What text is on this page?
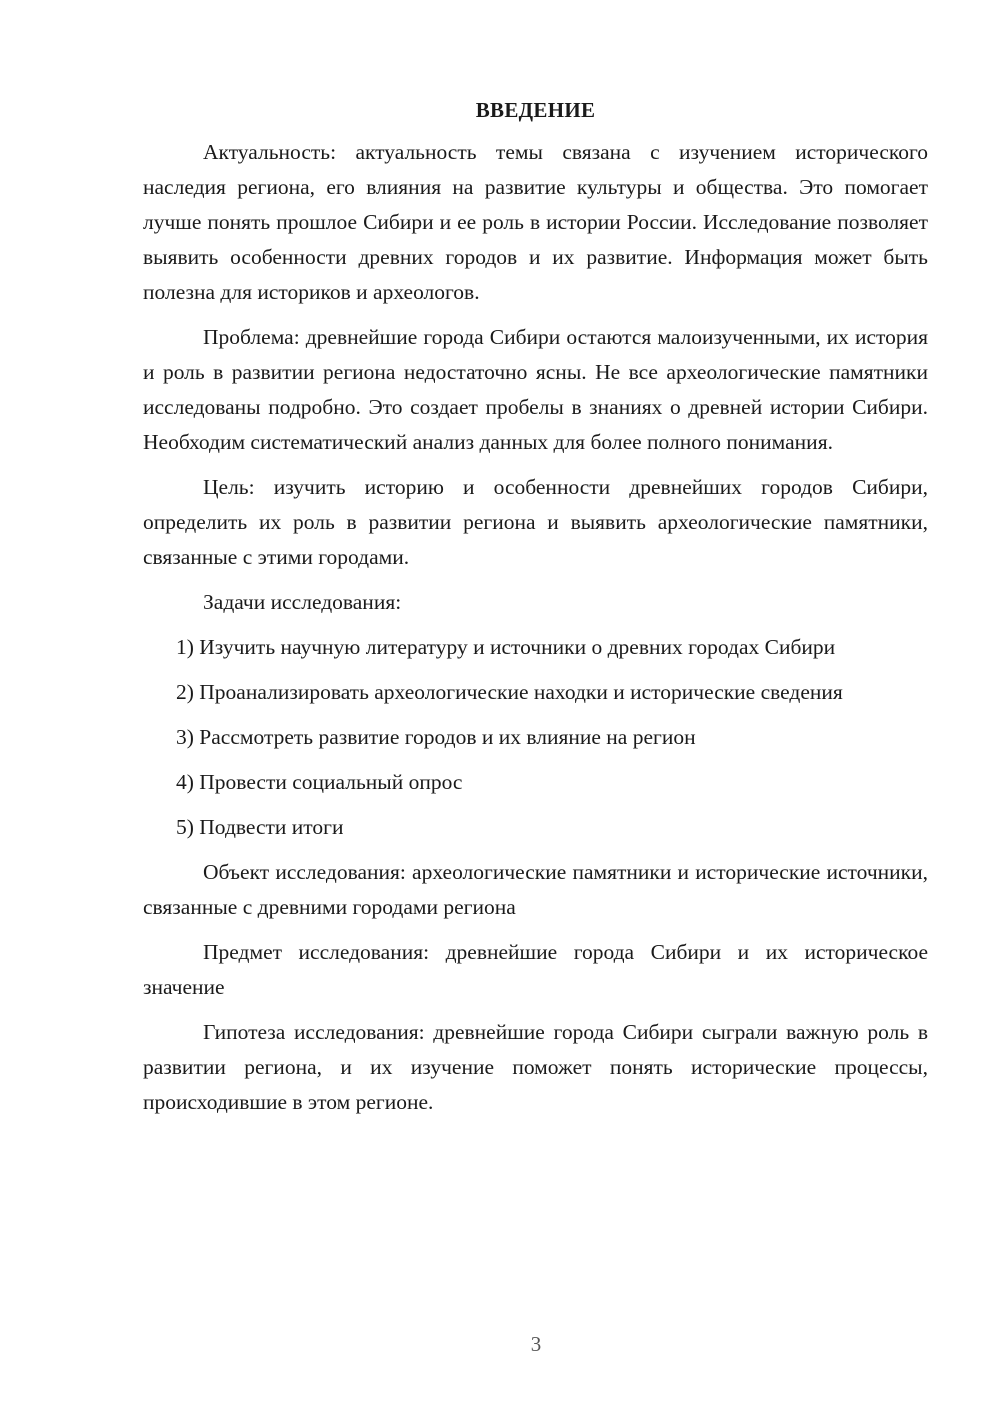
ВВЕДЕНИЕ

Актуальность: актуальность темы связана с изучением исторического наследия региона, его влияния на развитие культуры и общества. Это помогает лучше понять прошлое Сибири и ее роль в истории России. Исследование позволяет выявить особенности древних городов и их развитие. Информация может быть полезна для историков и археологов.

Проблема: древнейшие города Сибири остаются малоизученными, их история и роль в развитии региона недостаточно ясны. Не все археологические памятники исследованы подробно. Это создает пробелы в знаниях о древней истории Сибири. Необходим систематический анализ данных для более полного понимания.

Цель: изучить историю и особенности древнейших городов Сибири, определить их роль в развитии региона и выявить археологические памятники, связанные с этими городами.

Задачи исследования:

1) Изучить научную литературу и источники о древних городах Сибири

2) Проанализировать археологические находки и исторические сведения

3) Рассмотреть развитие городов и их влияние на регион

4) Провести социальный опрос

5) Подвести итоги

Объект исследования: археологические памятники и исторические источники, связанные с древними городами региона

Предмет исследования: древнейшие города Сибири и их историческое значение

Гипотеза исследования: древнейшие города Сибири сыграли важную роль в развитии региона, и их изучение поможет понять исторические процессы, происходившие в этом регионе.

3
